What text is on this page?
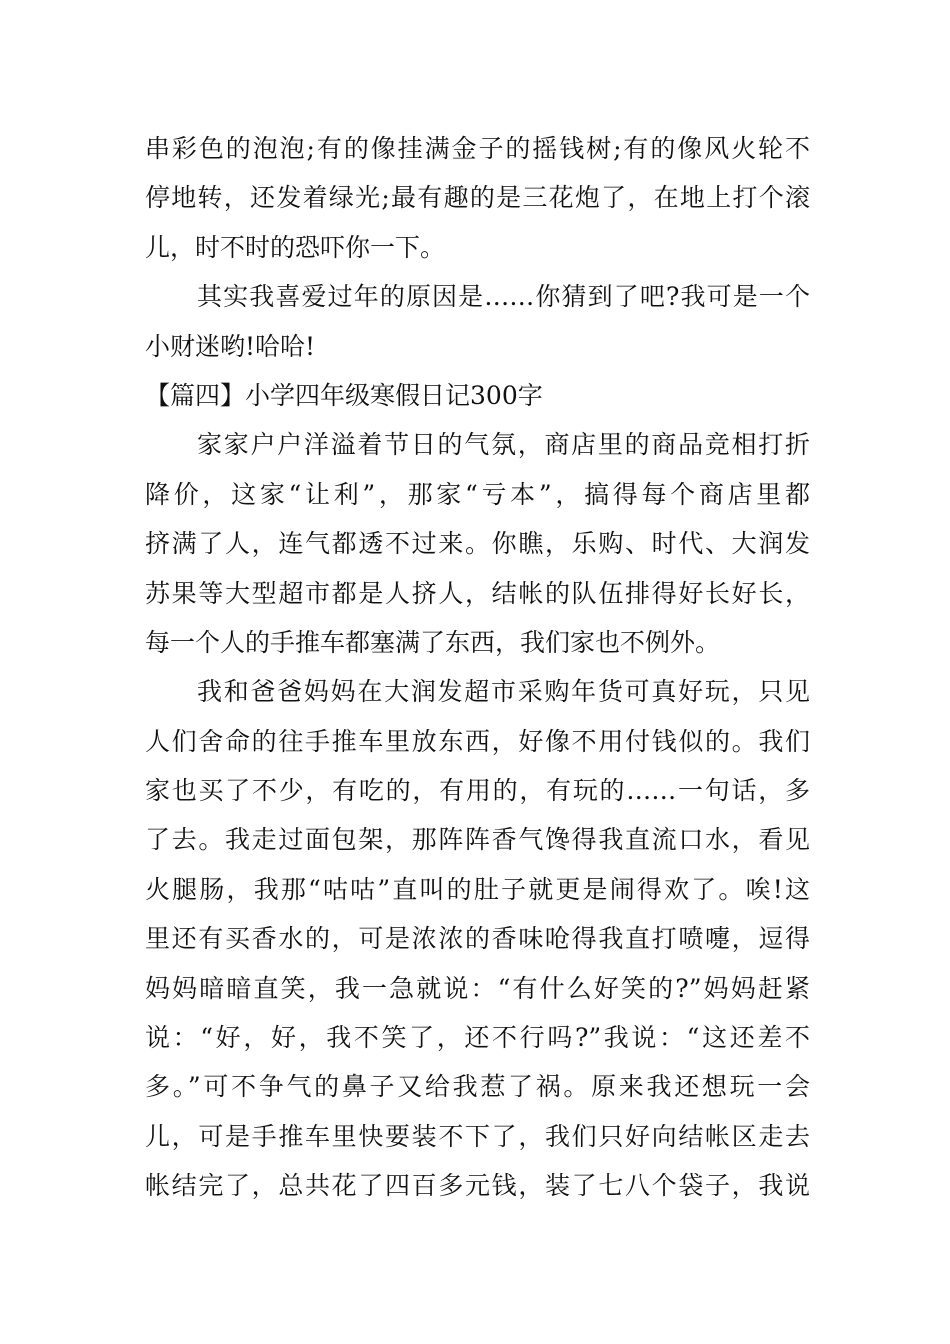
串彩色的泡泡;有的像挂满金子的摇钱树;有的像风火轮不
停地转，还发着绿光;最有趣的是三花炮了，在地上打个滚
儿，时不时的恐吓你一下。
其实我喜爱过年的原因是……你猜到了吧?我可是一个
小财迷哟!哈哈!
【篇四】小学四年级寒假日记300字
家家户户洋溢着节日的气氛，商店里的商品竞相打折
降价，这家“让利”，那家“亏本”，搞得每个商店里都
挤满了人，连气都透不过来。你瞧，乐购、时代、大润发
苏果等大型超市都是人挤人，结帐的队伍排得好长好长，
每一个人的手推车都塞满了东西，我们家也不例外。
我和爸爸妈妈在大润发超市采购年货可真好玩，只见
人们舍命的往手推车里放东西，好像不用付钱似的。我们
家也买了不少，有吃的，有用的，有玩的……一句话，多
了去。我走过面包架，那阵阵香气馋得我直流口水，看见
火腿肠，我那“咕咕”直叫的肚子就更是闹得欢了。唉!这
里还有买香水的，可是浓浓的香味呛得我直打喷嚏，逗得
妈妈暗暗直笑，我一急就说：“有什么好笑的?”妈妈赶紧
说：“好，好，我不笑了，还不行吗?”我说：“这还差不
多。”可不争气的鼻子又给我惹了祸。原来我还想玩一会
儿，可是手推车里快要装不下了，我们只好向结帐区走去
帐结完了，总共花了四百多元钱，装了七八个袋子，我说
